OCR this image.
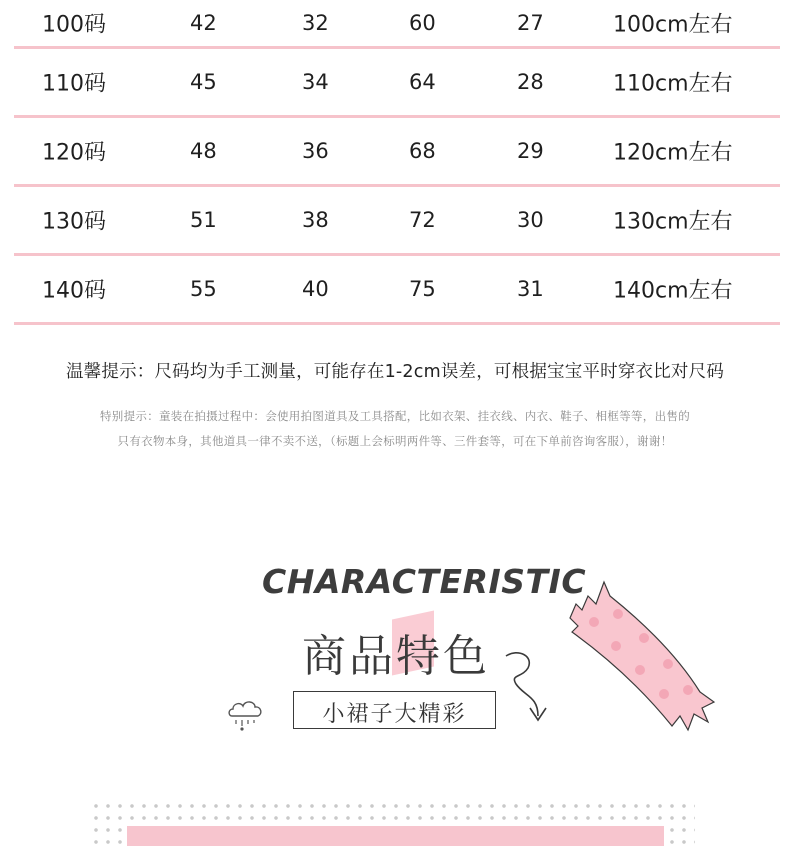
100码	42	32	60	27	100cm左右
110码	45	34	64	28	110cm左右
120码	48	36	68	29	120cm左右
130码	51	38	72	30	130cm左右
140码	55	40	75	31	140cm左右
温馨提示：尺码均为手工测量，可能存在1-2cm误差，可根据宝宝平时穿衣比对尺码
特别提示：童装在拍摄过程中：会使用拍图道具及工具搭配，比如衣架、挂衣线、内衣、鞋子、相框等等，出售的
只有衣物本身，其他道具一律不卖不送，（标题上会标明两件等、三件套等，可在下单前咨询客服），谢谢！
CHARACTERISTIC
商品特色
小裙子大精彩
